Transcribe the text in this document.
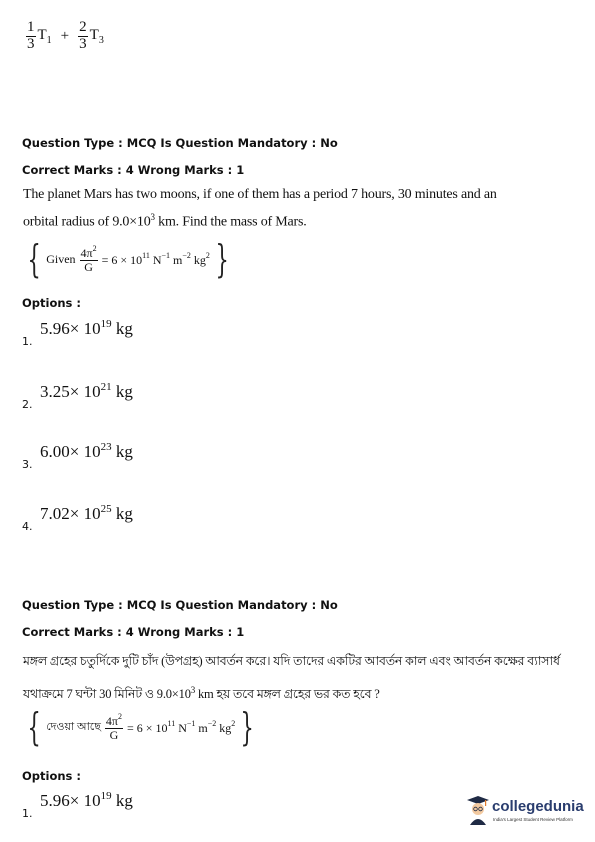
$\frac{1}{3} T_1 + \frac{2}{3} T_3$
Question Type : MCQ Is Question Mandatory : No
Correct Marks : 4 Wrong Marks : 1
The planet Mars has two moons, if one of them has a period 7 hours, 30 minutes and an
orbital radius of $9.0\times 10^3$ km. Find the mass of Mars.
{ Given $\frac{4\pi^2}{G} = 6 \times 10^{11}$ $N^{-1}$ $m^{-2}$ $kg^2$ }
Options :
1.
$5.96\times 10^{19}$ kg
2.
$3.25\times 10^{21}$ kg
3.
$6.00\times 10^{23}$ kg
4.
$7.02\times 10^{25}$ kg
Question Type : MCQ Is Question Mandatory : No
Correct Marks : 4 Wrong Marks : 1
মঙ্গল গ্রহের চতুর্দিকে দুটি চাঁদ (উপগ্রহ) আবর্তন করে। যদি তাদের একটির আবর্তন কাল এবং আবর্তন কক্ষের ব্যাসার্ধ
যথাক্রমে 7 ঘন্টা 30 মিনিট ও $9.0\times 10^3$ km হয় তবে মঙ্গল গ্রহের ভর কত হবে ?
{ দেওয়া আছে $\frac{4\pi^2}{G} = 6 \times 10^{11}$ $N^{-1}$ $m^{-2}$ $kg^2$ }
Options :
1.
$5.96\times 10^{19}$ kg	collegedunia
India's Largest Student Review Platform
